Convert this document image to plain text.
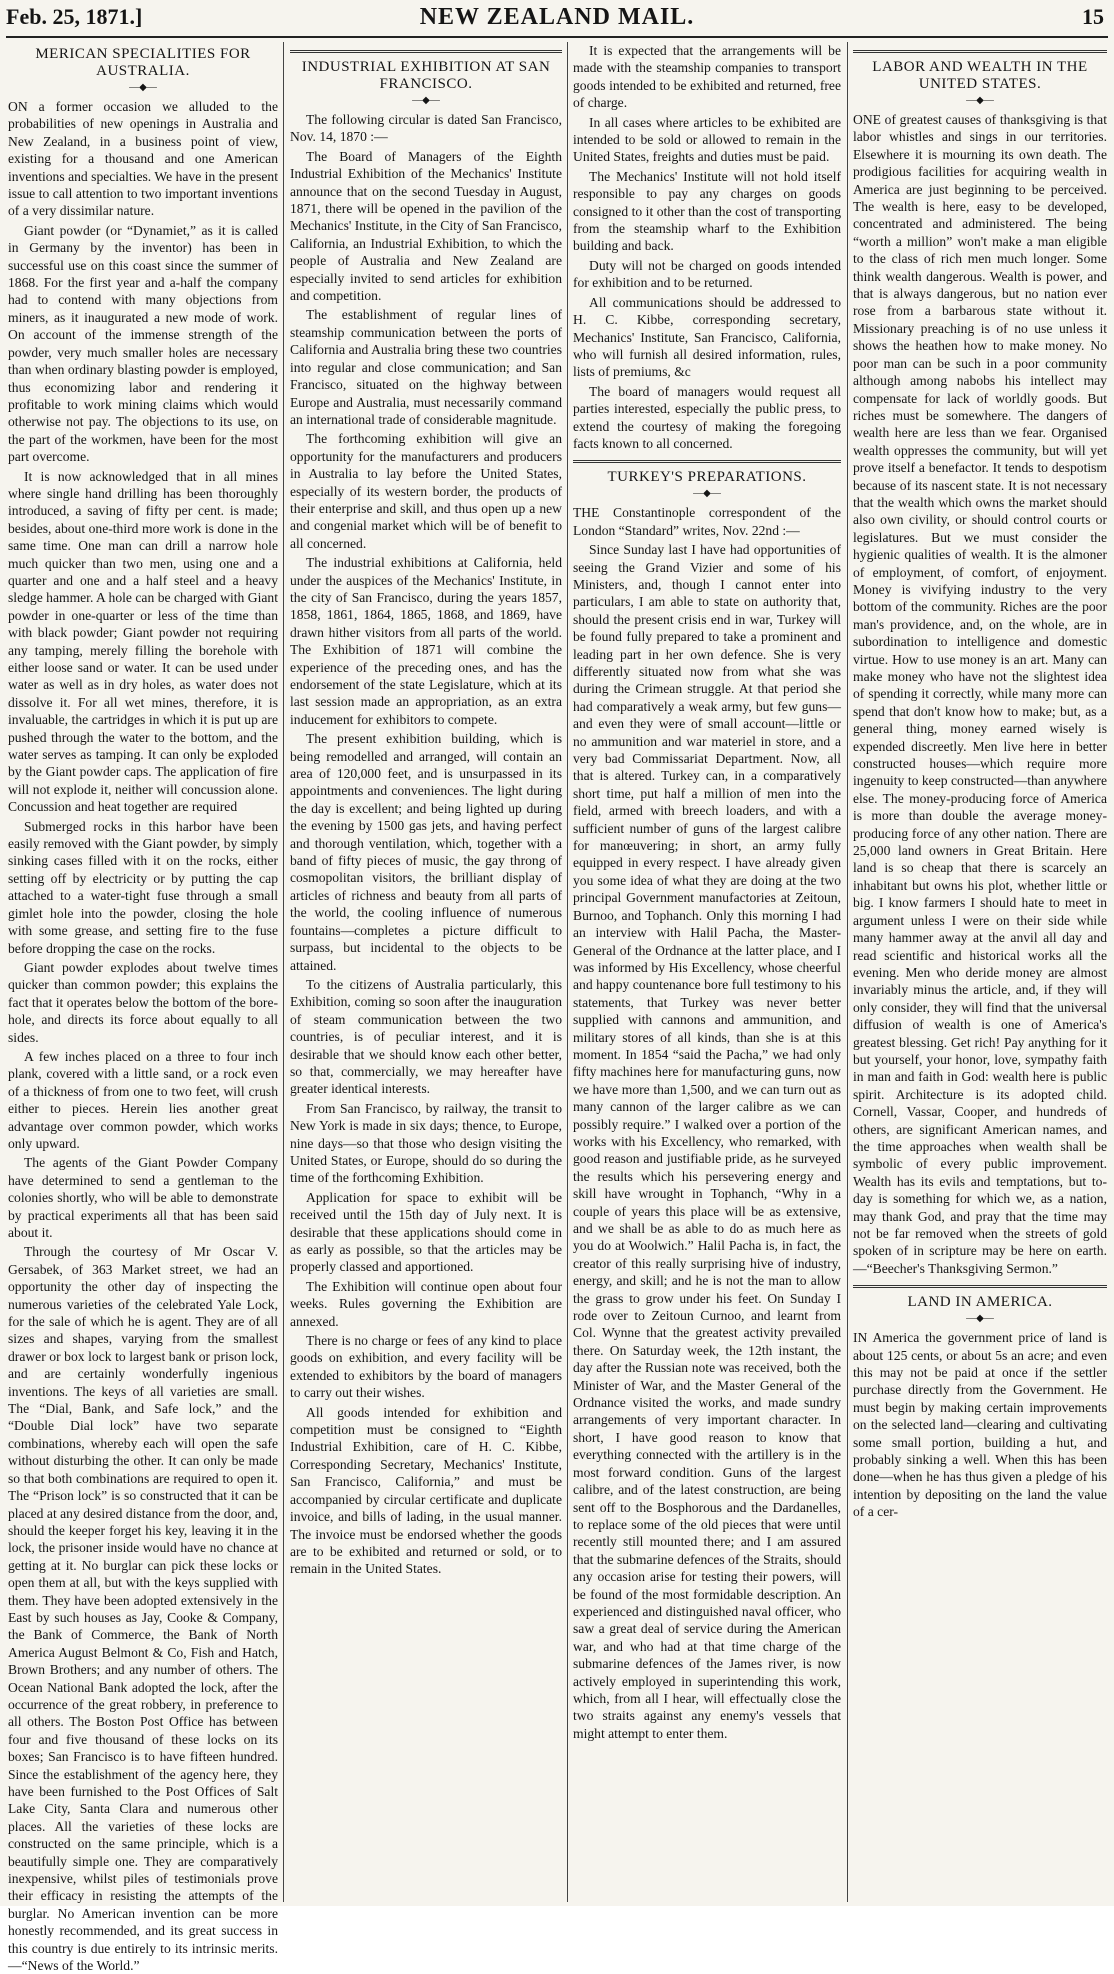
Feb. 25, 1871.]	NEW ZEALAND MAIL.	15
MERICAN SPECIALITIES FOR AUSTRALIA.
—◆—

ON a former occasion we alluded to the probabilities of new openings in Australia and New Zealand, in a business point of view, existing for a thousand and one American inventions and specialties. We have in the present issue to call attention to two important inventions of a very dissimilar nature.

Giant powder (or “Dynamiet,” as it is called in Germany by the inventor) has been in successful use on this coast since the summer of 1868. For the first year and a-half the company had to contend with many objections from miners, as it inaugurated a new mode of work. On account of the immense strength of the powder, very much smaller holes are necessary than when ordinary blasting powder is employed, thus economizing labor and rendering it profitable to work mining claims which would otherwise not pay. The objections to its use, on the part of the workmen, have been for the most part overcome.

It is now acknowledged that in all mines where single hand drilling has been thoroughly introduced, a saving of fifty per cent. is made; besides, about one-third more work is done in the same time. One man can drill a narrow hole much quicker than two men, using one and a quarter and one and a half steel and a heavy sledge hammer. A hole can be charged with Giant powder in one-quarter or less of the time than with black powder; Giant powder not requiring any tamping, merely filling the borehole with either loose sand or water. It can be used under water as well as in dry holes, as water does not dissolve it. For all wet mines, therefore, it is invaluable, the cartridges in which it is put up are pushed through the water to the bottom, and the water serves as tamping. It can only be exploded by the Giant powder caps. The application of fire will not explode it, neither will concussion alone. Concussion and heat together are required

Submerged rocks in this harbor have been easily removed with the Giant powder, by simply sinking cases filled with it on the rocks, either setting off by electricity or by putting the cap attached to a water-tight fuse through a small gimlet hole into the powder, closing the hole with some grease, and setting fire to the fuse before dropping the case on the rocks.

Giant powder explodes about twelve times quicker than common powder; this explains the fact that it operates below the bottom of the bore-hole, and directs its force about equally to all sides.

A few inches placed on a three to four inch plank, covered with a little sand, or a rock even of a thickness of from one to two feet, will crush either to pieces. Herein lies another great advantage over common powder, which works only upward.

The agents of the Giant Powder Company have determined to send a gentleman to the colonies shortly, who will be able to demonstrate by practical experiments all that has been said about it.

Through the courtesy of Mr Oscar V. Gersabek, of 363 Market street, we had an opportunity the other day of inspecting the numerous varieties of the celebrated Yale Lock, for the sale of which he is agent. They are of all sizes and shapes, varying from the smallest drawer or box lock to largest bank or prison lock, and are certainly wonderfully ingenious inventions. The keys of all varieties are small. The “Dial, Bank, and Safe lock,” and the “Double Dial lock” have two separate combinations, whereby each will open the safe without disturbing the other. It can only be made so that both combinations are required to open it. The “Prison lock” is so constructed that it can be placed at any desired distance from the door, and, should the keeper forget his key, leaving it in the lock, the prisoner inside would have no chance at getting at it. No burglar can pick these locks or open them at all, but with the keys supplied with them. They have been adopted extensively in the East by such houses as Jay, Cooke & Company, the Bank of Commerce, the Bank of North America August Belmont & Co, Fish and Hatch, Brown Brothers; and any number of others. The Ocean National Bank adopted the lock, after the occurrence of the great robbery, in preference to all others. The Boston Post Office has between four and five thousand of these locks on its boxes; San Francisco is to have fifteen hundred. Since the establishment of the agency here, they have been furnished to the Post Offices of Salt Lake City, Santa Clara and numerous other places. All the varieties of these locks are constructed on the same principle, which is a beautifully simple one. They are comparatively inexpensive, whilst piles of testimonials prove their efficacy in resisting the attempts of the burglar. No American invention can be more honestly recommended, and its great success in this country is due entirely to its intrinsic merits.—“News of the World.”

INDUSTRIAL EXHIBITION AT SAN FRANCISCO.
—◆—

The following circular is dated San Francisco, Nov. 14, 1870 :—

The Board of Managers of the Eighth Industrial Exhibition of the Mechanics' Institute announce that on the second Tuesday in August, 1871, there will be opened in the pavilion of the Mechanics' Institute, in the City of San Francisco, California, an Industrial Exhibition, to which the people of Australia and New Zealand are especially invited to send articles for exhibition and competition.

The establishment of regular lines of steamship communication between the ports of California and Australia bring these two countries into regular and close communication; and San Francisco, situated on the highway between Europe and Australia, must necessarily command an international trade of considerable magnitude.

The forthcoming exhibition will give an opportunity for the manufacturers and producers in Australia to lay before the United States, especially of its western border, the products of their enterprise and skill, and thus open up a new and congenial market which will be of benefit to all concerned.

The industrial exhibitions at California, held under the auspices of the Mechanics' Institute, in the city of San Francisco, during the years 1857, 1858, 1861, 1864, 1865, 1868, and 1869, have drawn hither visitors from all parts of the world. The Exhibition of 1871 will combine the experience of the preceding ones, and has the endorsement of the state Legislature, which at its last session made an appropriation, as an extra inducement for exhibitors to compete.

The present exhibition building, which is being remodelled and arranged, will contain an area of 120,000 feet, and is unsurpassed in its appointments and conveniences. The light during the day is excellent; and being lighted up during the evening by 1500 gas jets, and having perfect and thorough ventilation, which, together with a band of fifty pieces of music, the gay throng of cosmopolitan visitors, the brilliant display of articles of richness and beauty from all parts of the world, the cooling influence of numerous fountains—completes a picture difficult to surpass, but incidental to the objects to be attained.

To the citizens of Australia particularly, this Exhibition, coming so soon after the inauguration of steam communication between the two countries, is of peculiar interest, and it is desirable that we should know each other better, so that, commercially, we may hereafter have greater identical interests.

From San Francisco, by railway, the transit to New York is made in six days; thence, to Europe, nine days—so that those who design visiting the United States, or Europe, should do so during the time of the forthcoming Exhibition.

Application for space to exhibit will be received until the 15th day of July next. It is desirable that these applications should come in as early as possible, so that the articles may be properly classed and apportioned.

The Exhibition will continue open about four weeks. Rules governing the Exhibition are annexed.

There is no charge or fees of any kind to place goods on exhibition, and every facility will be extended to exhibitors by the board of managers to carry out their wishes.

All goods intended for exhibition and competition must be consigned to “Eighth Industrial Exhibition, care of H. C. Kibbe, Corresponding Secretary, Mechanics' Institute, San Francisco, California,” and must be accompanied by circular certificate and duplicate invoice, and bills of lading, in the usual manner. The invoice must be endorsed whether the goods are to be exhibited and returned or sold, or to remain in the United States.

It is expected that the arrangements will be made with the steamship companies to transport goods intended to be exhibited and returned, free of charge.

In all cases where articles to be exhibited are intended to be sold or allowed to remain in the United States, freights and duties must be paid.

The Mechanics' Institute will not hold itself responsible to pay any charges on goods consigned to it other than the cost of transporting from the steamship wharf to the Exhibition building and back.

Duty will not be charged on goods intended for exhibition and to be returned.

All communications should be addressed to H. C. Kibbe, corresponding secretary, Mechanics' Institute, San Francisco, California, who will furnish all desired information, rules, lists of premiums, &c

The board of managers would request all parties interested, especially the public press, to extend the courtesy of making the foregoing facts known to all concerned.

TURKEY'S PREPARATIONS.
—◆—

THE Constantinople correspondent of the London “Standard” writes, Nov. 22nd :—

Since Sunday last I have had opportunities of seeing the Grand Vizier and some of his Ministers, and, though I cannot enter into particulars, I am able to state on authority that, should the present crisis end in war, Turkey will be found fully prepared to take a prominent and leading part in her own defence. She is very differently situated now from what she was during the Crimean struggle. At that period she had comparatively a weak army, but few guns—and even they were of small account—little or no ammunition and war materiel in store, and a very bad Commissariat Department. Now, all that is altered. Turkey can, in a comparatively short time, put half a million of men into the field, armed with breech loaders, and with a sufficient number of guns of the largest calibre for manœuvering; in short, an army fully equipped in every respect. I have already given you some idea of what they are doing at the two principal Government manufactories at Zeitoun, Burnoo, and Tophanch. Only this morning I had an interview with Halil Pacha, the Master-General of the Ordnance at the latter place, and I was informed by His Excellency, whose cheerful and happy countenance bore full testimony to his statements, that Turkey was never better supplied with cannons and ammunition, and military stores of all kinds, than she is at this moment. In 1854 “said the Pacha,” we had only fifty machines here for manufacturing guns, now we have more than 1,500, and we can turn out as many cannon of the larger calibre as we can possibly require.” I walked over a portion of the works with his Excellency, who remarked, with good reason and justifiable pride, as he surveyed the results which his persevering energy and skill have wrought in Tophanch, “Why in a couple of years this place will be as extensive, and we shall be as able to do as much here as you do at Woolwich.” Halil Pacha is, in fact, the creator of this really surprising hive of industry, energy, and skill; and he is not the man to allow the grass to grow under his feet. On Sunday I rode over to Zeitoun Curnoo, and learnt from Col. Wynne that the greatest activity prevailed there. On Saturday week, the 12th instant, the day after the Russian note was received, both the Minister of War, and the Master General of the Ordnance visited the works, and made sundry arrangements of very important character. In short, I have good reason to know that everything connected with the artillery is in the most forward condition. Guns of the largest calibre, and of the latest construction, are being sent off to the Bosphorous and the Dardanelles, to replace some of the old pieces that were until recently still mounted there; and I am assured that the submarine defences of the Straits, should any occasion arise for testing their powers, will be found of the most formidable description. An experienced and distinguished naval officer, who saw a great deal of service during the American war, and who had at that time charge of the submarine defences of the James river, is now actively employed in superintending this work, which, from all I hear, will effectually close the two straits against any enemy's vessels that might attempt to enter them.

LABOR AND WEALTH IN THE UNITED STATES.
—◆—

ONE of greatest causes of thanksgiving is that labor whistles and sings in our territories. Elsewhere it is mourning its own death. The prodigious facilities for acquiring wealth in America are just beginning to be perceived. The wealth is here, easy to be developed, concentrated and administered. The being “worth a million” won't make a man eligible to the class of rich men much longer. Some think wealth dangerous. Wealth is power, and that is always dangerous, but no nation ever rose from a barbarous state without it. Missionary preaching is of no use unless it shows the heathen how to make money. No poor man can be such in a poor community although among nabobs his intellect may compensate for lack of worldly goods. But riches must be somewhere. The dangers of wealth here are less than we fear. Organised wealth oppresses the community, but will yet prove itself a benefactor. It tends to despotism because of its nascent state. It is not necessary that the wealth which owns the market should also own civility, or should control courts or legislatures. But we must consider the hygienic qualities of wealth. It is the almoner of employment, of comfort, of enjoyment. Money is vivifying industry to the very bottom of the community. Riches are the poor man's providence, and, on the whole, are in subordination to intelligence and domestic virtue. How to use money is an art. Many can make money who have not the slightest idea of spending it correctly, while many more can spend that don't know how to make; but, as a general thing, money earned wisely is expended discreetly. Men live here in better constructed houses—which require more ingenuity to keep constructed—than anywhere else. The money-producing force of America is more than double the average money-producing force of any other nation. There are 25,000 land owners in Great Britain. Here land is so cheap that there is scarcely an inhabitant but owns his plot, whether little or big. I know farmers I should hate to meet in argument unless I were on their side while many hammer away at the anvil all day and read scientific and historical works all the evening. Men who deride money are almost invariably minus the article, and, if they will only consider, they will find that the universal diffusion of wealth is one of America's greatest blessing. Get rich! Pay anything for it but yourself, your honor, love, sympathy faith in man and faith in God: wealth here is public spirit. Architecture is its adopted child. Cornell, Vassar, Cooper, and hundreds of others, are significant American names, and the time approaches when wealth shall be symbolic of every public improvement. Wealth has its evils and temptations, but to-day is something for which we, as a nation, may thank God, and pray that the time may not be far removed when the streets of gold spoken of in scripture may be here on earth.—“Beecher's Thanksgiving Sermon.”

LAND IN AMERICA.
—◆—

IN America the government price of land is about 125 cents, or about 5s an acre; and even this may not be paid at once if the settler purchase directly from the Government. He must begin by making certain improvements on the selected land—clearing and cultivating some small portion, building a hut, and probably sinking a well. When this has been done—when he has thus given a pledge of his intention by depositing on the land the value of a cer-
